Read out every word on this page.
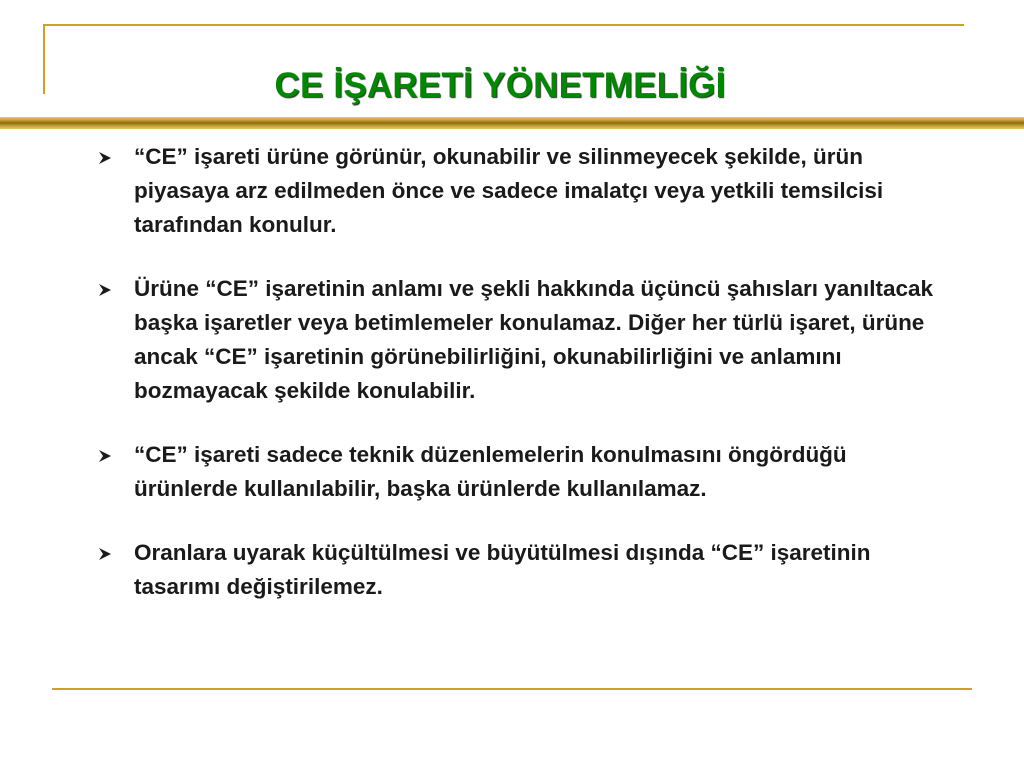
CE İŞARETİ YÖNETMELİĞİ
“CE” işareti ürüne görünür, okunabilir ve silinmeyecek şekilde, ürün piyasaya arz edilmeden önce ve sadece imalatçı veya yetkili temsilcisi tarafından konulur.
Ürüne “CE” işaretinin anlamı ve şekli hakkında üçüncü şahısları yanıltacak başka işaretler veya betimlemeler konulamaz. Diğer her türlü işaret, ürüne ancak “CE” işaretinin görünebilirliğini, okunabilirliğini ve anlamını bozmayacak şekilde konulabilir.
“CE” işareti sadece teknik düzenlemelerin konulmasını öngördüğü ürünlerde kullanılabilir, başka ürünlerde kullanılamaz.
Oranlara uyarak küçültülmesi ve büyütülmesi dışında “CE” işaretinin tasarımı değiştirilemez.
